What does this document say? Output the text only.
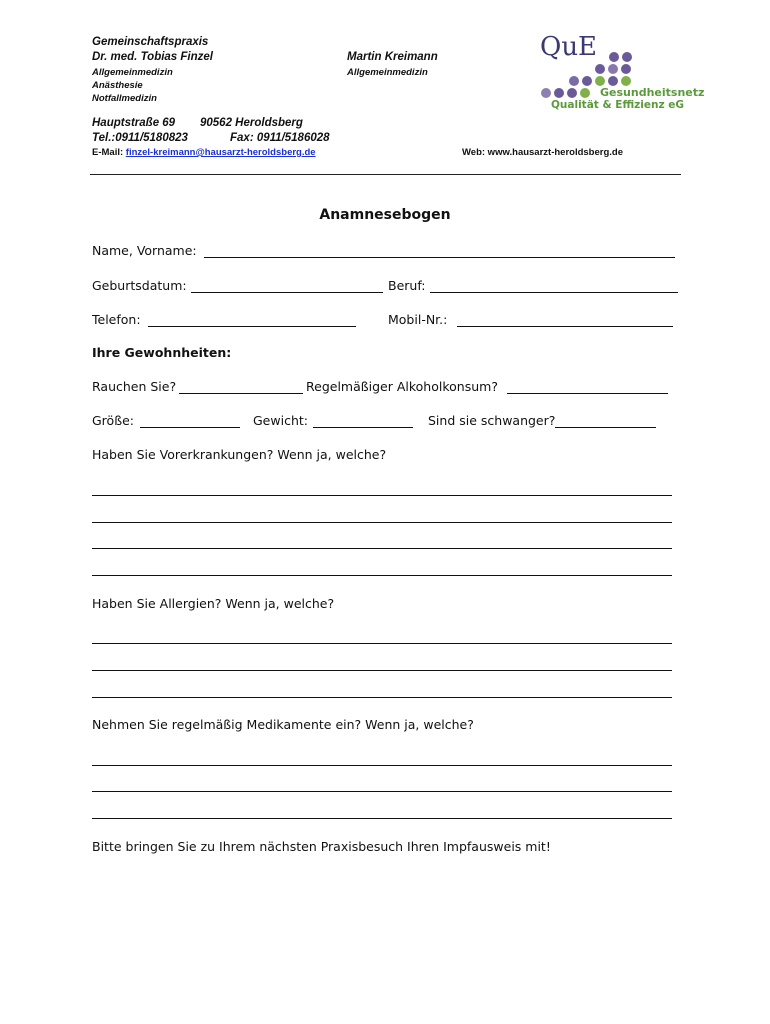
Gemeinschaftspraxis
Dr. med. Tobias Finzel
Allgemeinmedizin
Anästhesie
Notfallmedizin
Martin Kreimann
Allgemeinmedizin
Hauptstraße 69 90562 Heroldsberg
Tel.:0911/5180823	Fax: 0911/5186028
E-Mail: finzel-kreimann@hausarzt-heroldsberg.de	Web: www.hausarzt-heroldsberg.de
QuE
Gesundheitsnetz
Qualität & Effizienz eG
Anamnesebogen
Name, Vorname:
Geburtsdatum:	Beruf:
Telefon:	Mobil-Nr.:
Ihre Gewohnheiten:
Rauchen Sie?	Regelmäßiger Alkoholkonsum?
Größe:	Gewicht:	Sind sie schwanger?
Haben Sie Vorerkrankungen? Wenn ja, welche?
Haben Sie Allergien? Wenn ja, welche?
Nehmen Sie regelmäßig Medikamente ein? Wenn ja, welche?
Bitte bringen Sie zu Ihrem nächsten Praxisbesuch Ihren Impfausweis mit!
